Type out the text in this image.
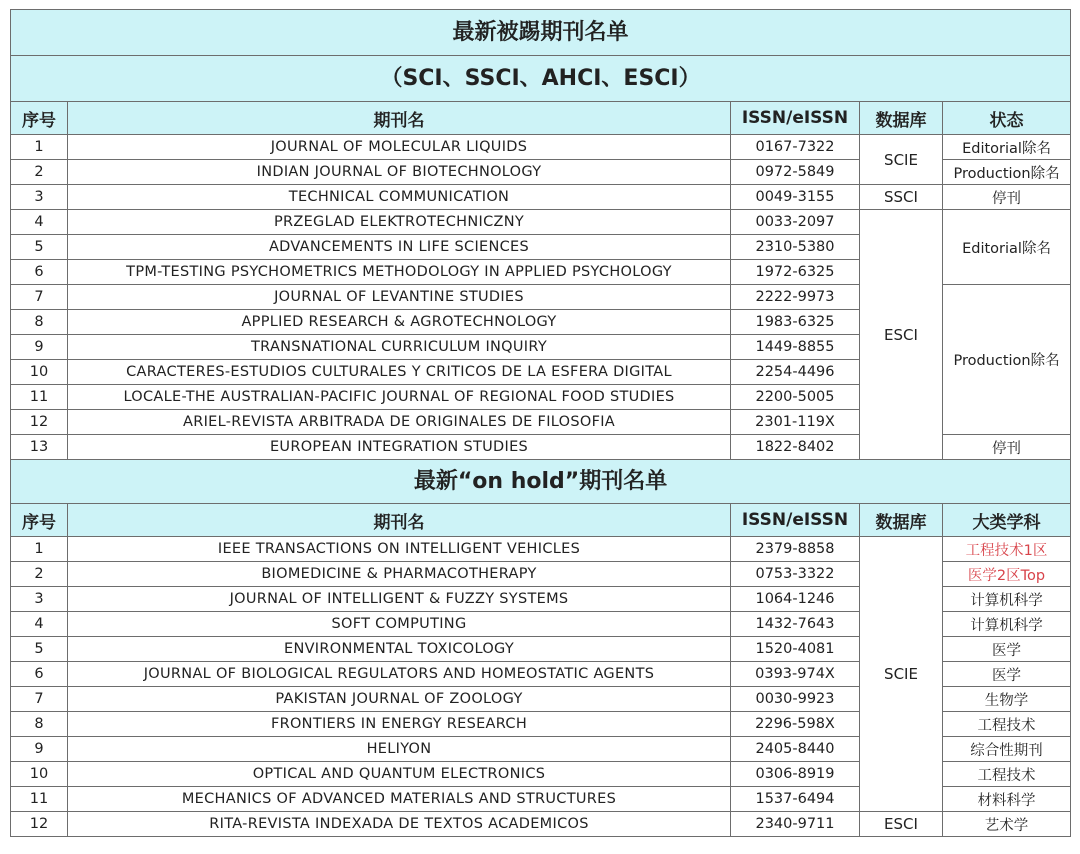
最新被踢期刊名单				
（SCI、SSCI、AHCI、ESCI）				
序号	期刊名	ISSN/eISSN	数据库	状态
1	JOURNAL OF MOLECULAR LIQUIDS	0167-7322	SCIE	Editorial除名
2	INDIAN JOURNAL OF BIOTECHNOLOGY	0972-5849		Production除名
3	TECHNICAL COMMUNICATION	0049-3155	SSCI	停刊
4	PRZEGLAD ELEKTROTECHNICZNY	0033-2097	ESCI	Editorial除名
5	ADVANCEMENTS IN LIFE SCIENCES	2310-5380		
6	TPM-TESTING PSYCHOMETRICS METHODOLOGY IN APPLIED PSYCHOLOGY	1972-6325		
7	JOURNAL OF LEVANTINE STUDIES	2222-9973		Production除名
8	APPLIED RESEARCH & AGROTECHNOLOGY	1983-6325		
9	TRANSNATIONAL CURRICULUM INQUIRY	1449-8855		
10	CARACTERES-ESTUDIOS CULTURALES Y CRITICOS DE LA ESFERA DIGITAL	2254-4496		
11	LOCALE-THE AUSTRALIAN-PACIFIC JOURNAL OF REGIONAL FOOD STUDIES	2200-5005		
12	ARIEL-REVISTA ARBITRADA DE ORIGINALES DE FILOSOFIA	2301-119X		
13	EUROPEAN INTEGRATION STUDIES	1822-8402		停刊
最新“on hold”期刊名单				
序号	期刊名	ISSN/eISSN	数据库	大类学科
1	IEEE TRANSACTIONS ON INTELLIGENT VEHICLES	2379-8858	SCIE	工程技术1区
2	BIOMEDICINE & PHARMACOTHERAPY	0753-3322		医学2区Top
3	JOURNAL OF INTELLIGENT & FUZZY SYSTEMS	1064-1246		计算机科学
4	SOFT COMPUTING	1432-7643		计算机科学
5	ENVIRONMENTAL TOXICOLOGY	1520-4081		医学
6	JOURNAL OF BIOLOGICAL REGULATORS AND HOMEOSTATIC AGENTS	0393-974X		医学
7	PAKISTAN JOURNAL OF ZOOLOGY	0030-9923		生物学
8	FRONTIERS IN ENERGY RESEARCH	2296-598X		工程技术
9	HELIYON	2405-8440		综合性期刊
10	OPTICAL AND QUANTUM ELECTRONICS	0306-8919		工程技术
11	MECHANICS OF ADVANCED MATERIALS AND STRUCTURES	1537-6494		材料科学
12	RITA-REVISTA INDEXADA DE TEXTOS ACADEMICOS	2340-9711	ESCI	艺术学
